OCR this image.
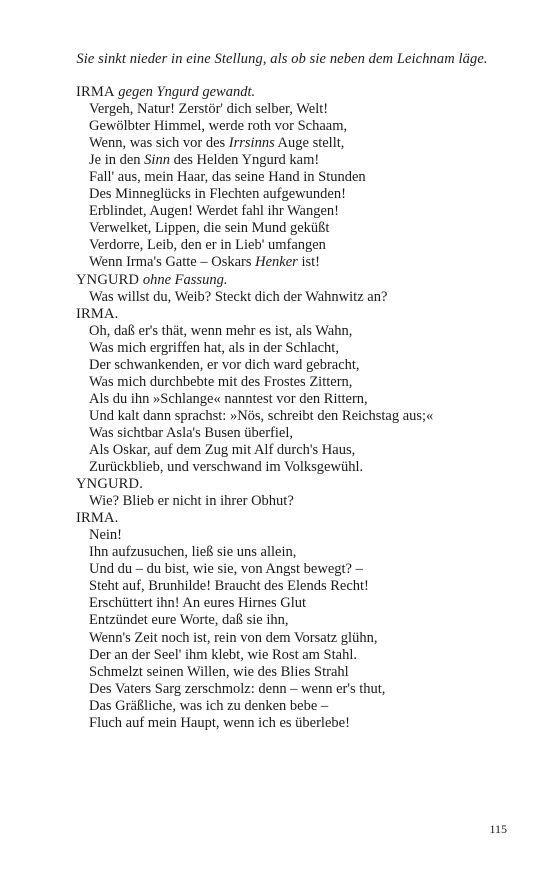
Sie sinkt nieder in eine Stellung, als ob sie neben dem Leichnam läge.
IRMA gegen Yngurd gewandt.
Vergeh, Natur! Zerstör' dich selber, Welt!
Gewölbter Himmel, werde roth vor Schaam,
Wenn, was sich vor des Irrsinns Auge stellt,
Je in den Sinn des Helden Yngurd kam!
Fall' aus, mein Haar, das seine Hand in Stunden
Des Minneglücks in Flechten aufgewunden!
Erblindet, Augen! Werdet fahl ihr Wangen!
Verwelket, Lippen, die sein Mund geküßt
Verdorre, Leib, den er in Lieb' umfangen
Wenn Irma's Gatte – Oskars Henker ist!
YNGURD ohne Fassung.
Was willst du, Weib? Steckt dich der Wahnwitz an?
IRMA.
Oh, daß er's thät, wenn mehr es ist, als Wahn,
Was mich ergriffen hat, als in der Schlacht,
Der schwankenden, er vor dich ward gebracht,
Was mich durchbebte mit des Frostes Zittern,
Als du ihn »Schlange« nanntest vor den Rittern,
Und kalt dann sprachst: »Nös, schreibt den Reichstag aus;«
Was sichtbar Asla's Busen überfiel,
Als Oskar, auf dem Zug mit Alf durch's Haus,
Zurückblieb, und verschwand im Volksgewühl.
YNGURD.
Wie? Blieb er nicht in ihrer Obhut?
IRMA.
Nein!
Ihn aufzusuchen, ließ sie uns allein,
Und du – du bist, wie sie, von Angst bewegt? –
Steht auf, Brunhilde! Braucht des Elends Recht!
Erschüttert ihn! An eures Hirnes Glut
Entzündet eure Worte, daß sie ihn,
Wenn's Zeit noch ist, rein von dem Vorsatz glühn,
Der an der Seel' ihm klebt, wie Rost am Stahl.
Schmelzt seinen Willen, wie des Blies Strahl
Des Vaters Sarg zerschmolz: denn – wenn er's thut,
Das Gräßliche, was ich zu denken bebe –
Fluch auf mein Haupt, wenn ich es überlebe!
115
